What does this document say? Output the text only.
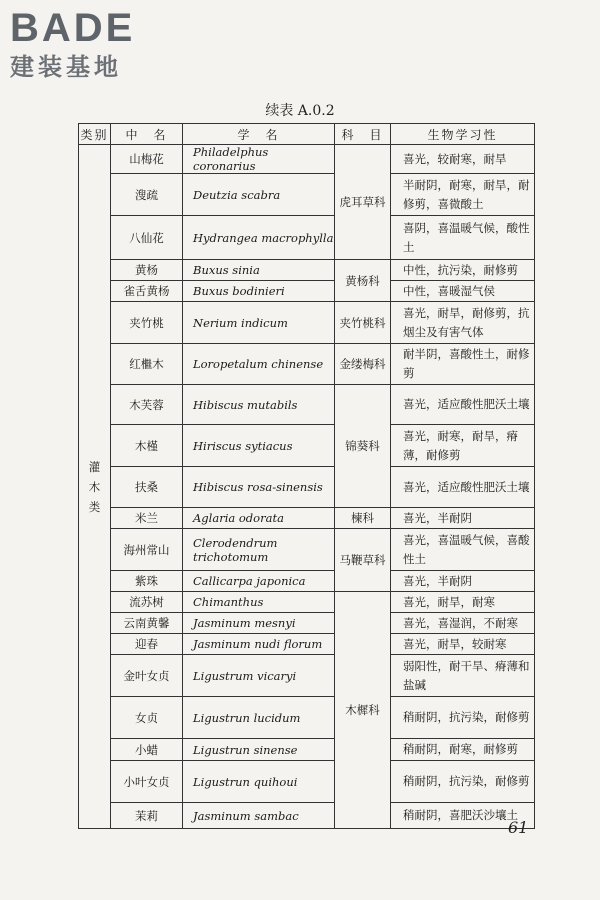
BADE
建装基地
续表 A.0.2
类别	中　名	学　名	科　目	生物学习性

灌
木
类	山梅花	Philadelphus coronarius	虎耳草科	喜光，较耐寒，耐旱
	溲疏	Deutzia scabra		半耐阴，耐寒，耐旱，耐修剪，喜微酸土
	八仙花	Hydrangea macrophylla		喜阴，喜温暖气候，酸性土
	黄杨	Buxus sinia	黄杨科	中性，抗污染，耐修剪
	雀舌黄杨	Buxus bodinieri		中性，喜暖湿气侯
	夹竹桃	Nerium indicum	夹竹桃科	喜光，耐旱，耐修剪，抗烟尘及有害气体
	红檵木	Loropetalum chinense	金缕梅科	耐半阴，喜酸性土，耐修剪
	木芙蓉	Hibiscus mutabils	锦葵科	喜光，适应酸性肥沃土壤
	木槿	Hiriscus sytiacus		喜光，耐寒，耐旱，瘠薄，耐修剪
	扶桑	Hibiscus rosa-sinensis		喜光，适应酸性肥沃土壤
	米兰	Aglaria odorata	楝科	喜光，半耐阴
	海州常山	Clerodendrum trichotomum	马鞭草科	喜光，喜温暖气候，喜酸性土
	紫珠	Callicarpa japonica		喜光，半耐阴
	流苏树	Chimanthus	木樨科	喜光，耐旱，耐寒
	云南黄馨	Jasminum mesnyi		喜光，喜湿润，不耐寒
	迎春	Jasminum nudi florum		喜光，耐旱，较耐寒
	金叶女贞	Ligustrum vicaryi		弱阳性，耐干旱、瘠薄和盐碱
	女贞	Ligustrun lucidum		稍耐阴，抗污染，耐修剪
	小蜡	Ligustrun sinense		稍耐阴，耐寒，耐修剪
	小叶女贞	Ligustrun quihoui		稍耐阴，抗污染，耐修剪
	茉莉	Jasminum sambac		稍耐阴，喜肥沃沙壤土
61
